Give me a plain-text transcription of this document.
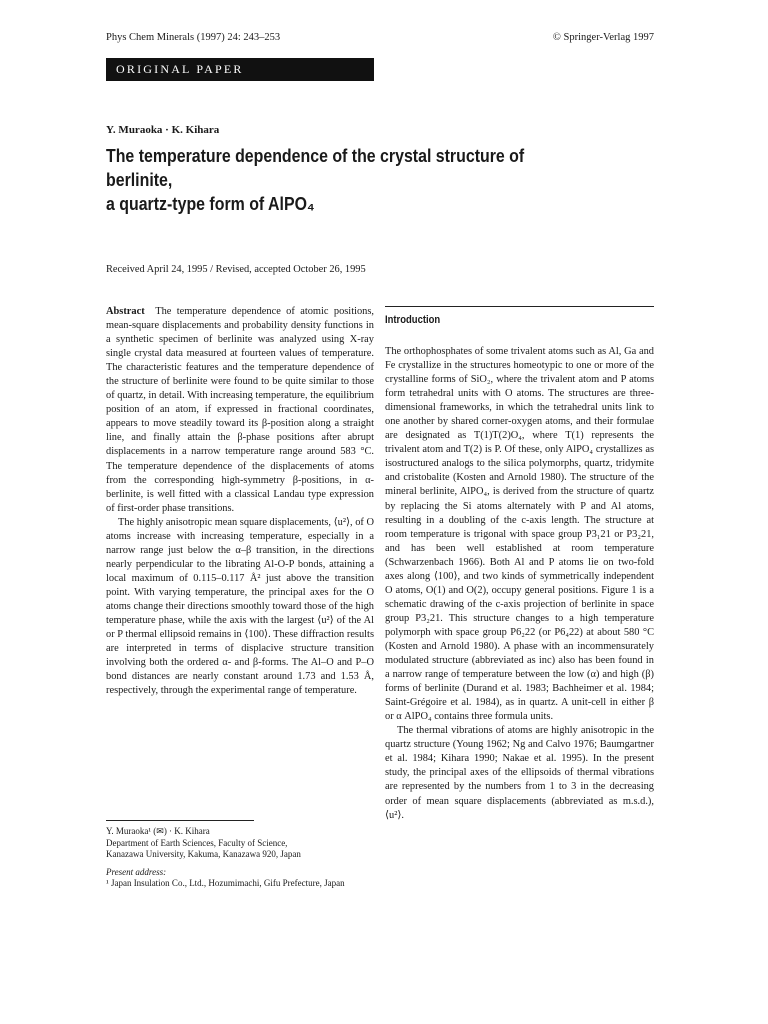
Phys Chem Minerals (1997) 24: 243–253	© Springer-Verlag 1997
ORIGINAL PAPER
Y. Muraoka · K. Kihara
The temperature dependence of the crystal structure of berlinite,
a quartz-type form of AlPO₄
Received April 24, 1995 / Revised, accepted October 26, 1995

Abstract The temperature dependence of atomic positions, mean-square displacements and probability density functions in a synthetic specimen of berlinite was analyzed using X-ray single crystal data measured at fourteen values of temperature. The characteristic features and the temperature dependence of the structure of berlinite were found to be quite similar to those of quartz, in detail. With increasing temperature, the equilibrium position of an atom, if expressed in fractional coordinates, appears to move steadily toward its β-position along a straight line, and finally attain the β-phase positions after abrupt displacements in a narrow temperature range around 583 °C. The temperature dependence of the displacements of atoms from the corresponding high-symmetry β-positions, in α-berlinite, is well fitted with a classical Landau type expression of first-order phase transitions.

The highly anisotropic mean square displacements, ⟨u²⟩, of O atoms increase with increasing temperature, especially in a narrow range just below the α–β transition, in the directions nearly perpendicular to the librating Al-O-P bonds, attaining a local maximum of 0.115–0.117 Å² just above the transition point. With varying temperature, the principal axes for the O atoms change their directions smoothly toward those of the high temperature phase, while the axis with the largest ⟨u²⟩ of the Al or P thermal ellipsoid remains in ⟨100⟩. These diffraction results are interpreted in terms of displacive structure transition involving both the ordered α- and β-forms. The Al–O and P–O bond distances are nearly constant around 1.73 and 1.53 Å, respectively, through the experimental range of temperature.

Y. Muraoka¹ (✉) · K. Kihara

Department of Earth Sciences, Faculty of Science,

Kanazawa University, Kakuma, Kanazawa 920, Japan

Present address:

¹ Japan Insulation Co., Ltd., Hozumimachi, Gifu Prefecture, Japan

Introduction

The orthophosphates of some trivalent atoms such as Al, Ga and Fe crystallize in the structures homeotypic to one or more of the crystalline forms of SiO₂, where the trivalent atom and P atoms form tetrahedral units with O atoms. The structures are three-dimensional frameworks, in which the tetrahedral units link to one another by shared corner-oxygen atoms, and their formulae are designated as T(1)T(2)O₄, where T(1) represents the trivalent atom and T(2) is P. Of these, only AlPO₄ crystallizes as isostructured analogs to the silica polymorphs, quartz, tridymite and cristobalite (Kosten and Arnold 1980). The structure of the mineral berlinite, AlPO₄, is derived from the structure of quartz by replacing the Si atoms alternately with P and Al atoms, resulting in a doubling of the c-axis length. The structure at room temperature is trigonal with space group P3₁21 or P3₂21, and has been well established at room temperature (Schwarzenbach 1966). Both Al and P atoms lie on two-fold axes along ⟨100⟩, and two kinds of symmetrically independent O atoms, O(1) and O(2), occupy general positions. Figure 1 is a schematic drawing of the c-axis projection of berlinite in space group P3₂21. This structure changes to a high temperature polymorph with space group P6₂22 (or P6₄22) at about 580 °C (Kosten and Arnold 1980). A phase with an incommensurately modulated structure (abbreviated as inc) also has been found in a narrow range of temperature between the low (α) and high (β) forms of berlinite (Durand et al. 1983; Bachheimer et al. 1984; Saint-Grégoire et al. 1984), as in quartz. A unit-cell in either β or α AlPO₄ contains three formula units.

The thermal vibrations of atoms are highly anisotropic in the quartz structure (Young 1962; Ng and Calvo 1976; Baumgartner et al. 1984; Kihara 1990; Nakae et al. 1995). In the present study, the principal axes of the ellipsoids of thermal vibrations are represented by the numbers from 1 to 3 in the decreasing order of mean square displacements (abbreviated as m.s.d.), ⟨u²⟩.
